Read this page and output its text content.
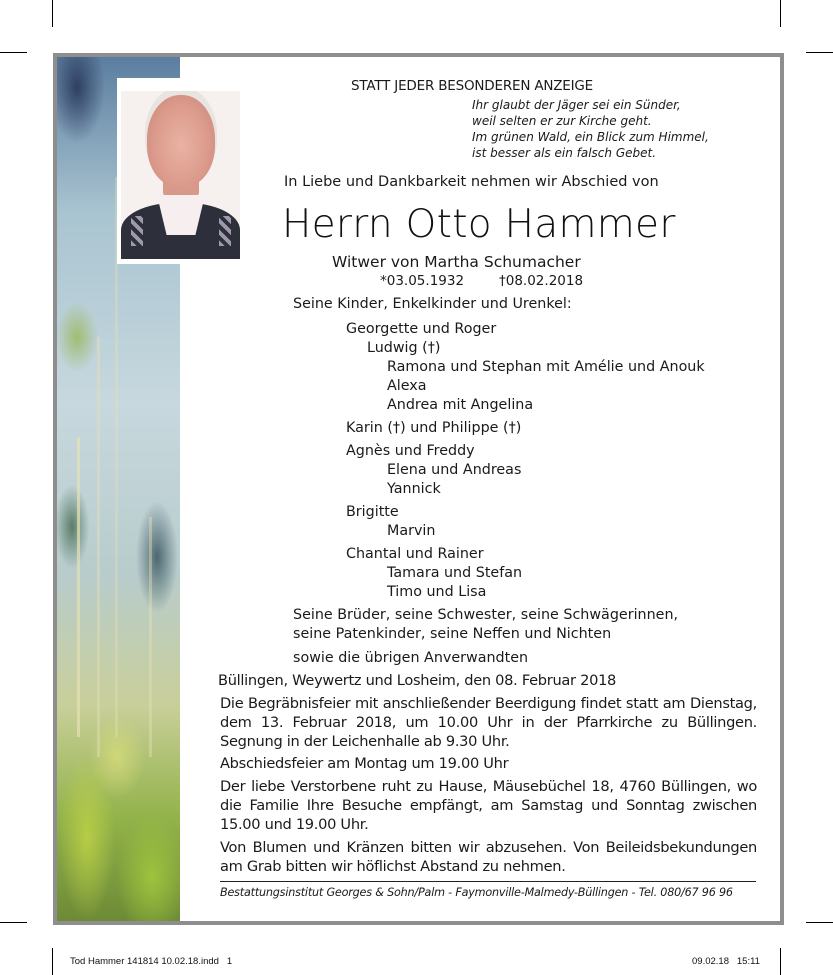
STATT JEDER BESONDEREN ANZEIGE
Ihr glaubt der Jäger sei ein Sünder,
weil selten er zur Kirche geht.
Im grünen Wald, ein Blick zum Himmel,
ist besser als ein falsch Gebet.
In Liebe und Dankbarkeit nehmen wir Abschied von
Herrn Otto Hammer
Witwer von Martha Schumacher
*03.05.1932	†08.02.2018
Seine Kinder, Enkelkinder und Urenkel:
Georgette und Roger
Ludwig (†)
Ramona und Stephan mit Amélie und Anouk
Alexa
Andrea mit Angelina
Karin (†) und Philippe (†)
Agnès und Freddy
Elena und Andreas
Yannick
Brigitte
Marvin
Chantal und Rainer
Tamara und Stefan
Timo und Lisa
Seine Brüder, seine Schwester, seine Schwägerinnen,
seine Patenkinder, seine Neffen und Nichten
sowie die übrigen Anverwandten
Büllingen, Weywertz und Losheim, den 08. Februar 2018
Die Begräbnisfeier mit anschließender Beerdigung findet statt am Dienstag, dem 13. Februar 2018, um 10.00 Uhr in der Pfarrkirche zu Büllingen. Segnung in der Leichenhalle ab 9.30 Uhr.
Abschiedsfeier am Montag um 19.00 Uhr
Der liebe Verstorbene ruht zu Hause, Mäusebüchel 18, 4760 Büllingen, wo die Familie Ihre Besuche empfängt, am Samstag und Sonntag zwischen 15.00 und 19.00 Uhr.
Von Blumen und Kränzen bitten wir abzusehen. Von Beileidsbekundungen am Grab bitten wir höflichst Abstand zu nehmen.
Bestattungsinstitut Georges & Sohn/Palm - Faymonville-Malmedy-Büllingen - Tel. 080/67 96 96
Tod Hammer 141814 10.02.18.indd   1	09.02.18   15:11
